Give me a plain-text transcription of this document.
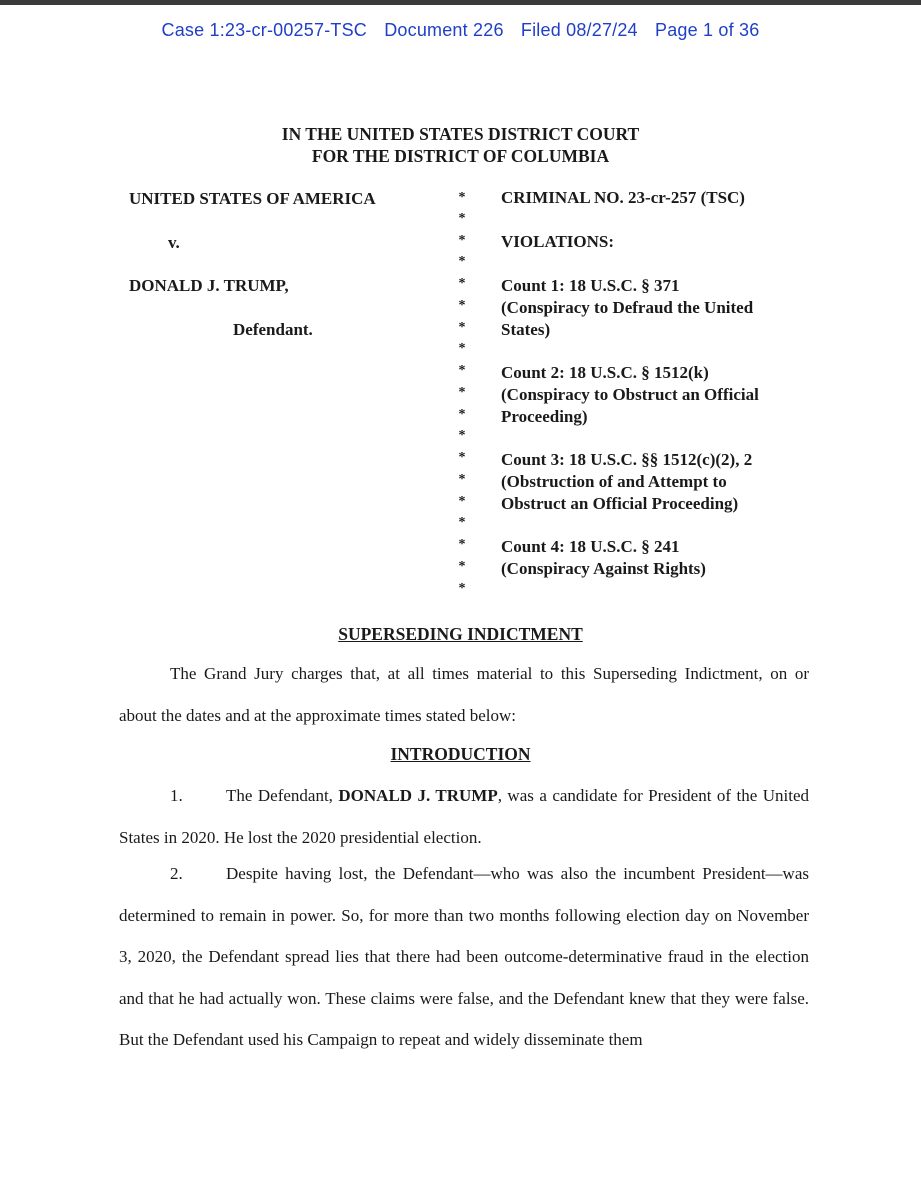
Case 1:23-cr-00257-TSC Document 226 Filed 08/27/24 Page 1 of 36
IN THE UNITED STATES DISTRICT COURT
FOR THE DISTRICT OF COLUMBIA
UNITED STATES OF AMERICA
v.
DONALD J. TRUMP,
Defendant.
*
*
*
*
*
*
*
*
*
*
*
*
*
*
*
*
*
*
*
CRIMINAL NO. 23-cr-257 (TSC)
VIOLATIONS:
Count 1: 18 U.S.C. § 371
(Conspiracy to Defraud the United
States)
Count 2: 18 U.S.C. § 1512(k)
(Conspiracy to Obstruct an Official
Proceeding)
Count 3: 18 U.S.C. §§ 1512(c)(2), 2
(Obstruction of and Attempt to
Obstruct an Official Proceeding)
Count 4: 18 U.S.C. § 241
(Conspiracy Against Rights)
SUPERSEDING INDICTMENT
The Grand Jury charges that, at all times material to this Superseding Indictment, on or
about the dates and at the approximate times stated below:
INTRODUCTION
1.	The Defendant, DONALD J. TRUMP, was a candidate for President of the United States in 2020. He lost the 2020 presidential election.
2.	Despite having lost, the Defendant—who was also the incumbent President—was determined to remain in power. So, for more than two months following election day on November 3, 2020, the Defendant spread lies that there had been outcome-determinative fraud in the election and that he had actually won. These claims were false, and the Defendant knew that they were false. But the Defendant used his Campaign to repeat and widely disseminate them
